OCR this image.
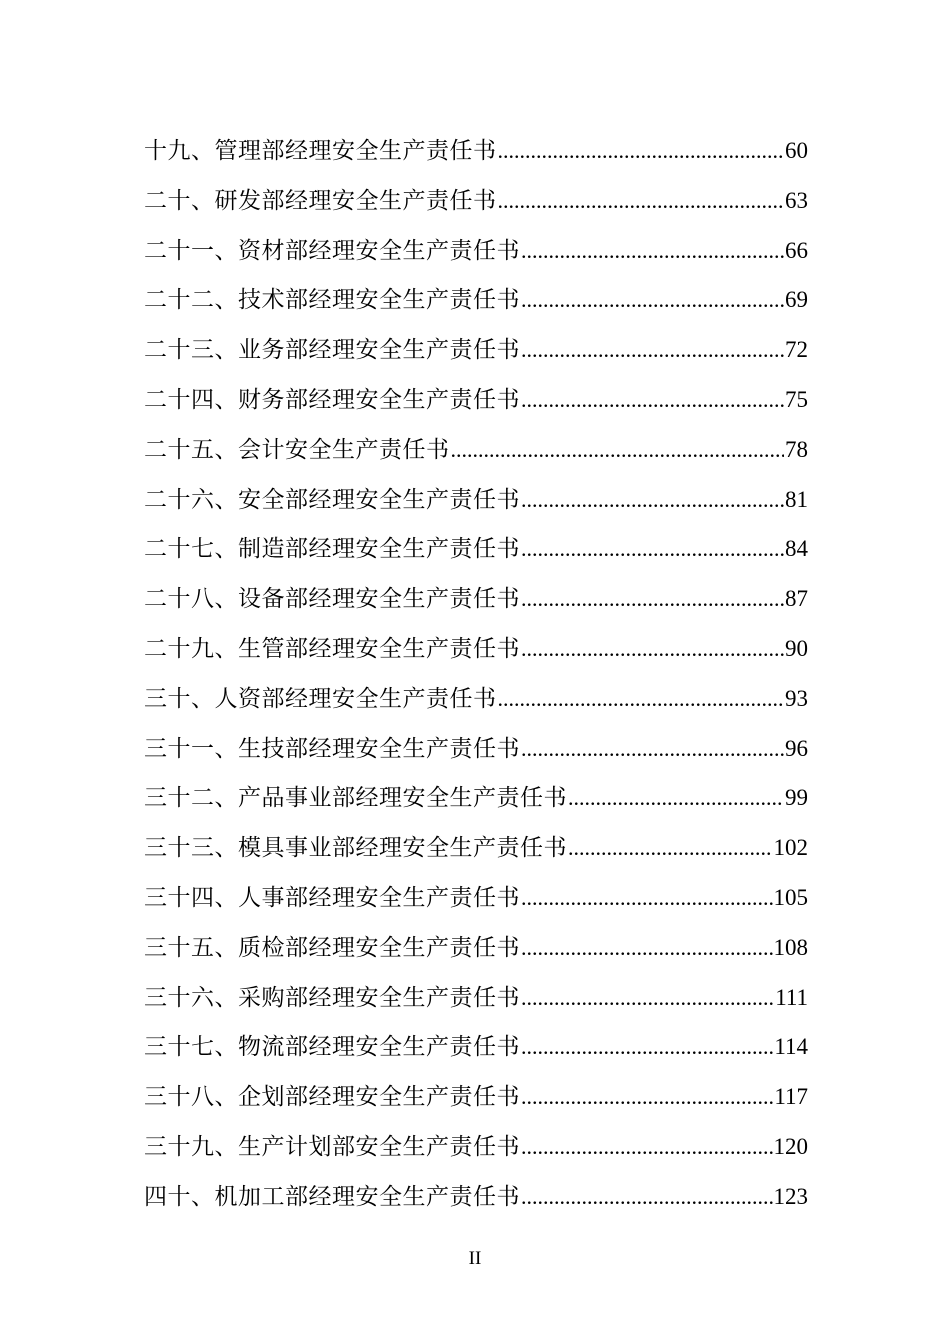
十九、管理部经理安全生产责任书 .....	60
二十、研发部经理安全生产责任书 .....	63
二十一、资材部经理安全生产责任书 .....	66
二十二、技术部经理安全生产责任书 .....	69
二十三、业务部经理安全生产责任书 .....	72
二十四、财务部经理安全生产责任书 .....	75
二十五、会计安全生产责任书 .....	78
二十六、安全部经理安全生产责任书 .....	81
二十七、制造部经理安全生产责任书 .....	84
二十八、设备部经理安全生产责任书 .....	87
二十九、生管部经理安全生产责任书 .....	90
三十、人资部经理安全生产责任书 .....	93
三十一、生技部经理安全生产责任书 .....	96
三十二、产品事业部经理安全生产责任书 .....	99
三十三、模具事业部经理安全生产责任书 .....	102
三十四、人事部经理安全生产责任书 .....	105
三十五、质检部经理安全生产责任书 .....	108
三十六、采购部经理安全生产责任书 .....	111
三十七、物流部经理安全生产责任书 .....	114
三十八、企划部经理安全生产责任书 .....	117
三十九、生产计划部安全生产责任书 .....	120
四十、机加工部经理安全生产责任书 .....	123
II
